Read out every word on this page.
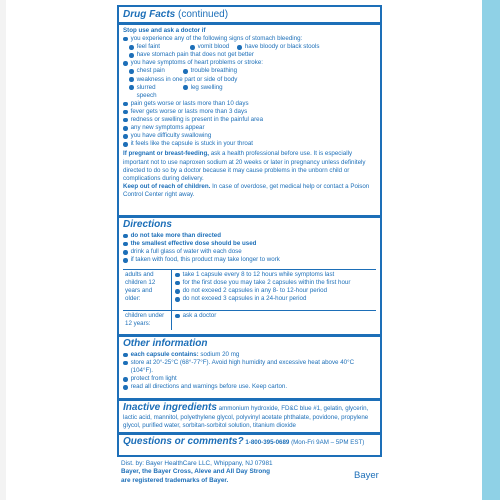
Drug Facts (continued)
Stop use and ask a doctor if
you experience any of the following signs of stomach bleeding:
feel faint	vomit blood	have bloody or black stools
have stomach pain that does not get better
you have symptoms of heart problems or stroke:
chest pain	trouble breathing
weakness in one part or side of body
slurred speech
leg swelling
pain gets worse or lasts more than 10 days
fever gets worse or lasts more than 3 days
redness or swelling is present in the painful area
any new symptoms appear
you have difficulty swallowing
it feels like the capsule is stuck in your throat
If pregnant or breast-feeding, ask a health professional before use. It is especially important not to use naproxen sodium at 20 weeks or later in pregnancy unless definitely directed to do so by a doctor because it may cause problems in the unborn child or complications during delivery.
Keep out of reach of children. In case of overdose, get medical help or contact a Poison Control Center right away.
Directions
do not take more than directed
the smallest effective dose should be used
drink a full glass of water with each dose
if taken with food, this product may take longer to work
adults and children 12 years and older:
take 1 capsule every 8 to 12 hours while symptoms last
for the first dose you may take 2 capsules within the first hour
do not exceed 2 capsules in any 8- to 12-hour period
do not exceed 3 capsules in a 24-hour period
children under 12 years:
ask a doctor
Other information
each capsule contains: sodium 20 mg
store at 20°-25°C (68°-77°F). Avoid high humidity and excessive heat above 40°C (104°F).
protect from light
read all directions and warnings before use. Keep carton.
Inactive ingredients ammonium hydroxide, FD&C blue #1, gelatin, glycerin, lactic acid, mannitol, polyethylene glycol, polyvinyl acetate phthalate, povidone, propylene glycol, purified water, sorbitan-sorbitol solution, titanium dioxide
Questions or comments? 1-800-395-0689 (Mon-Fri 9AM – 5PM EST)
Dist. by: Bayer HealthCare LLC, Whippany, NJ 07981
Bayer, the Bayer Cross, Aleve and All Day Strong
are registered trademarks of Bayer.	Bayer
